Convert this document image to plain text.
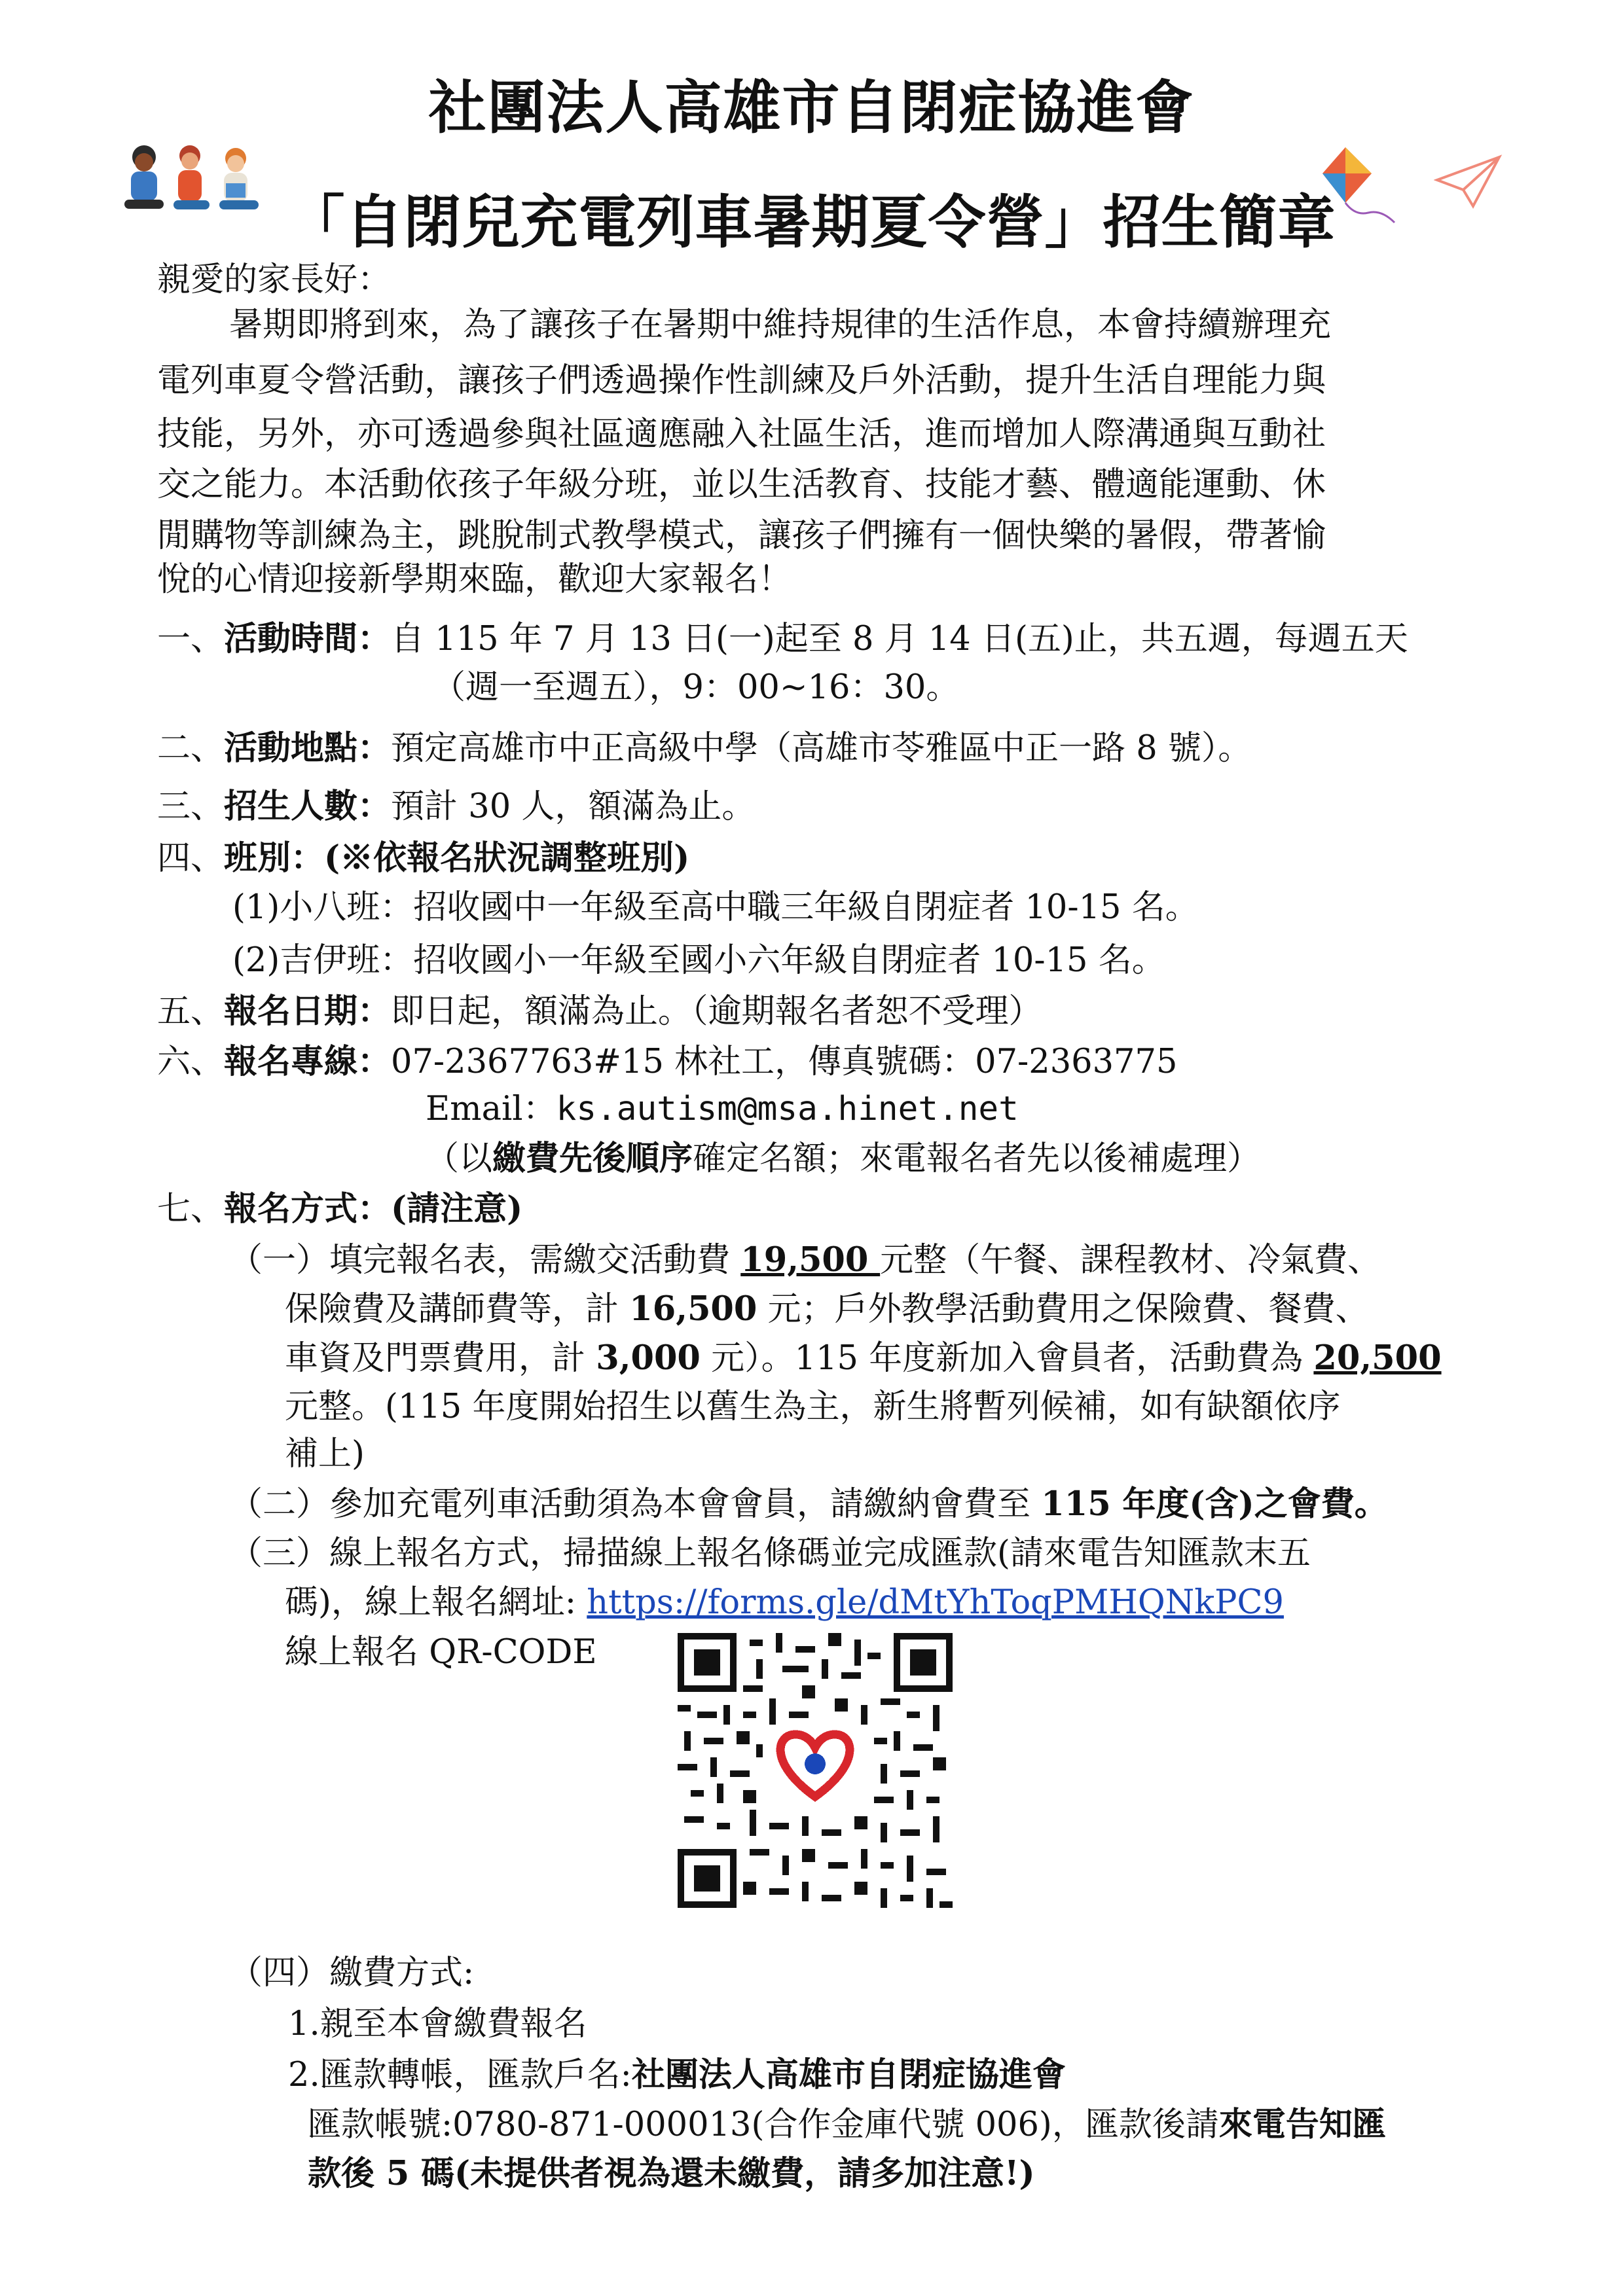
社團法人高雄市自閉症協進會
「自閉兒充電列車暑期夏令營」招生簡章
親愛的家長好：
暑期即將到來，為了讓孩子在暑期中維持規律的生活作息，本會持續辦理充
電列車夏令營活動，讓孩子們透過操作性訓練及戶外活動，提升生活自理能力與
技能，另外，亦可透過參與社區適應融入社區生活，進而增加人際溝通與互動社
交之能力。本活動依孩子年級分班，並以生活教育、技能才藝、體適能運動、休
閒購物等訓練為主，跳脫制式教學模式，讓孩子們擁有一個快樂的暑假，帶著愉
悅的心情迎接新學期來臨，歡迎大家報名！
一、活動時間：自 115 年 7 月 13 日(一)起至 8 月 14 日(五)止，共五週，每週五天
（週一至週五），9：00~16：30。
二、活動地點：預定高雄市中正高級中學（高雄市苓雅區中正一路 8 號）。
三、招生人數：預計 30 人，額滿為止。
四、班別：(※依報名狀況調整班別)
(1)小八班：招收國中一年級至高中職三年級自閉症者 10-15 名。
(2)吉伊班：招收國小一年級至國小六年級自閉症者 10-15 名。
五、報名日期：即日起，額滿為止。（逾期報名者恕不受理）
六、報名專線：07-2367763#15 林社工，傳真號碼：07-2363775
Email：ks.autism@msa.hinet.net
（以繳費先後順序確定名額；來電報名者先以後補處理）
七、報名方式：(請注意)
（一）填完報名表，需繳交活動費 19,500 元整（午餐、課程教材、冷氣費、
保險費及講師費等，計 16,500 元；戶外教學活動費用之保險費、餐費、
車資及門票費用，計 3,000 元）。115 年度新加入會員者，活動費為 20,500
元整。(115 年度開始招生以舊生為主，新生將暫列候補，如有缺額依序
補上)
（二）參加充電列車活動須為本會會員，請繳納會費至 115 年度(含)之會費。
（三）線上報名方式，掃描線上報名條碼並完成匯款(請來電告知匯款末五
碼)，線上報名網址: https://forms.gle/dMtYhToqPMHQNkPC9
線上報名 QR-CODE
（四）繳費方式:
1.親至本會繳費報名
2.匯款轉帳，匯款戶名:社團法人高雄市自閉症協進會
匯款帳號:0780-871-000013(合作金庫代號 006)，匯款後請來電告知匯
款後 5 碼(未提供者視為還未繳費，請多加注意!)
